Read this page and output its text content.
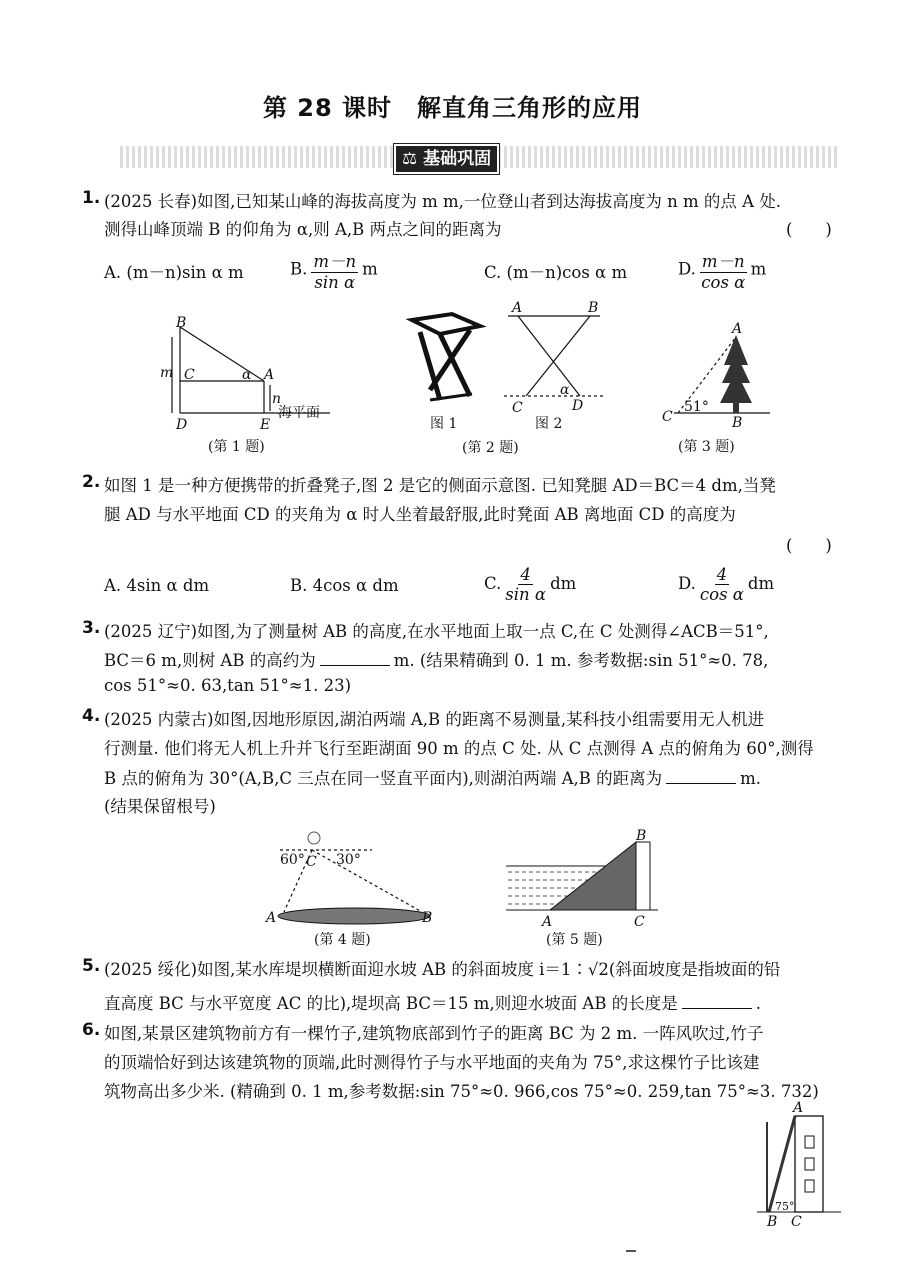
第 28 课时　解直角三角形的应用
⚖ 基础巩固
1. (2025 长春)如图,已知某山峰的海拔高度为 m m,一位登山者到达海拔高度为 n m 的点 A 处.
测得山峰顶端 B 的仰角为 α,则 A,B 两点之间的距离为	(　　)
A. (m－n)sin α m	B. $\frac{m-n}{\text{sin α}}$ m	C. (m－n)cos α m	D. $\frac{m-n}{\text{cos α}}$ m
B
m C	α A
n
D	E
海平面
(第 1 题)
A	B
C	D
α
图 1	图 2
(第 2 题)
A
B
C
51°
(第 3 题)
2. 如图 1 是一种方便携带的折叠凳子,图 2 是它的侧面示意图. 已知凳腿 AD＝BC＝4 dm,当凳
腿 AD 与水平地面 CD 的夹角为 α 时人坐着最舒服,此时凳面 AB 离地面 CD 的高度为
(　　)
A. 4sin α dm	B. 4cos α dm	C. $\frac{4}{\text{sin α}}$ dm	D. $\frac{4}{\text{cos α}}$ dm
3. (2025 辽宁)如图,为了测量树 AB 的高度,在水平地面上取一点 C,在 C 处测得∠ACB＝51°,
BC＝6 m,则树 AB 的高约为	m. (结果精确到 0. 1 m. 参考数据:sin 51°≈0. 78,
cos 51°≈0. 63,tan 51°≈1. 23)
4. (2025 内蒙古)如图,因地形原因,湖泊两端 A,B 的距离不易测量,某科技小组需要用无人机进
行测量. 他们将无人机上升并飞行至距湖面 90 m 的点 C 处. 从 C 点测得 A 点的俯角为 60°,测得
B 点的俯角为 30°(A,B,C 三点在同一竖直平面内),则湖泊两端 A,B 的距离为	m.
(结果保留根号)
60° C 30°
A	B
(第 4 题)
B
A	C
(第 5 题)
5. (2025 绥化)如图,某水库堤坝横断面迎水坡 AB 的斜面坡度 i＝1∶√2(斜面坡度是指坡面的铅
直高度 BC 与水平宽度 AC 的比),堤坝高 BC＝15 m,则迎水坡面 AB 的长度是	.
6. 如图,某景区建筑物前方有一棵竹子,建筑物底部到竹子的距离 BC 为 2 m. 一阵风吹过,竹子
的顶端恰好到达该建筑物的顶端,此时测得竹子与水平地面的夹角为 75°,求这棵竹子比该建
筑物高出多少米. (精确到 0. 1 m,参考数据:sin 75°≈0. 966,cos 75°≈0. 259,tan 75°≈3. 732)
A
B C
75°
